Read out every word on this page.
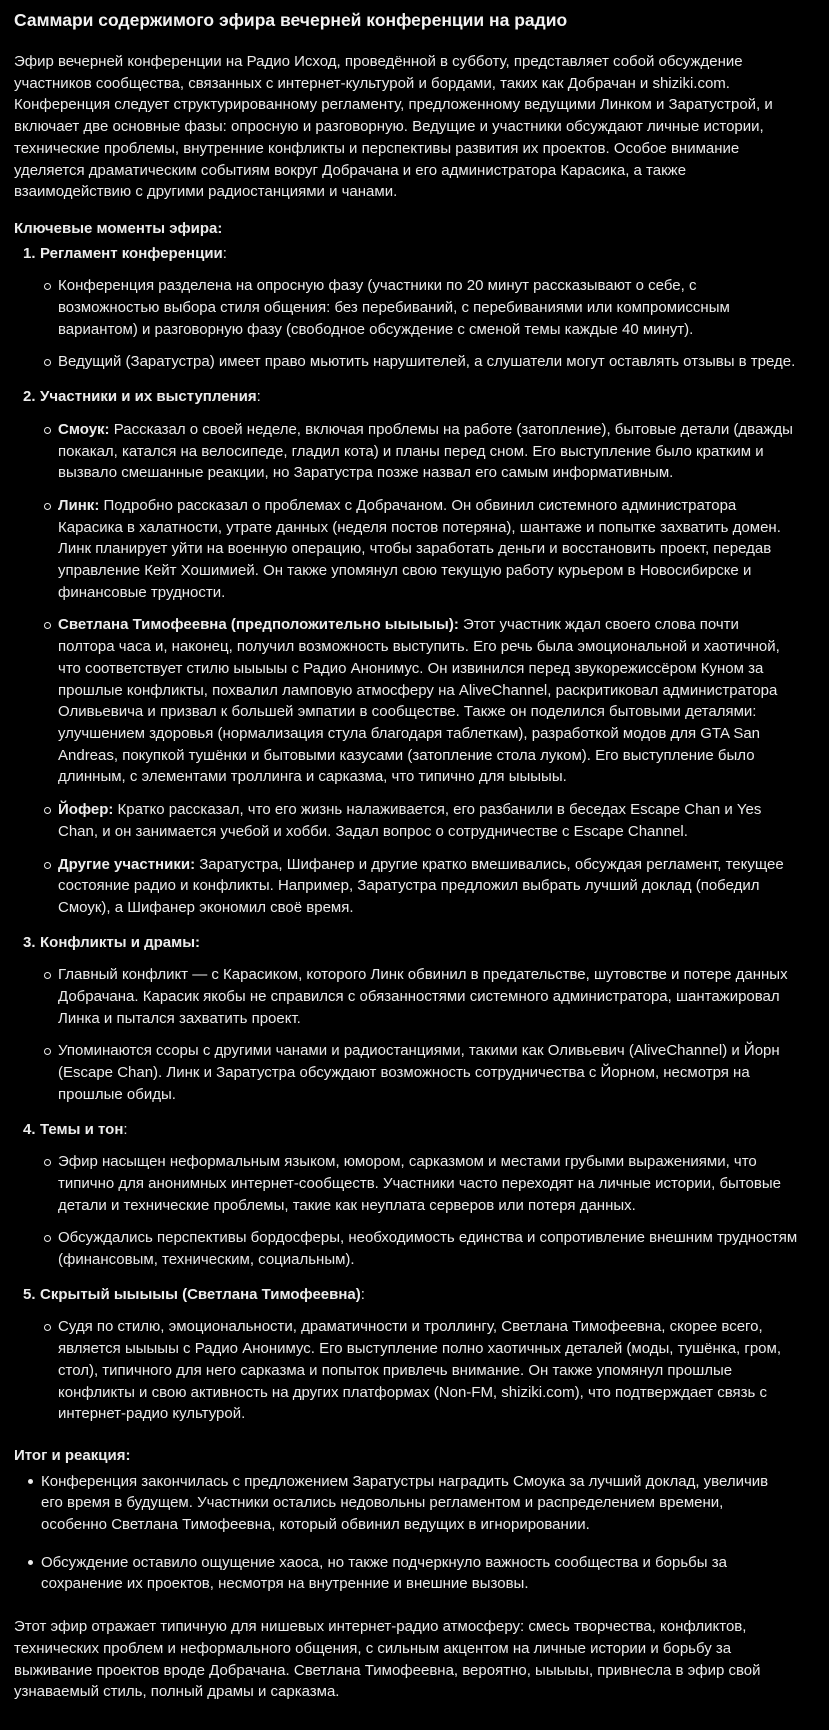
Саммари содержимого эфира вечерней конференции на радио

Эфир вечерней конференции на Радио Исход, проведённой в субботу, представляет собой обсуждение участников сообщества, связанных с интернет-культурой и бордами, таких как Добрачан и shiziki.com. Конференция следует структурированному регламенту, предложенному ведущими Линком и Заратустрой, и включает две основные фазы: опросную и разговорную. Ведущие и участники обсуждают личные истории, технические проблемы, внутренние конфликты и перспективы развития их проектов. Особое внимание уделяется драматическим событиям вокруг Добрачана и его администратора Карасика, а также взаимодействию с другими радиостанциями и чанами.

Ключевые моменты эфира:
1. Регламент конференции:
Конференция разделена на опросную фазу (участники по 20 минут рассказывают о себе, с возможностью выбора стиля общения: без перебиваний, с перебиваниями или компромиссным вариантом) и разговорную фазу (свободное обсуждение с сменой темы каждые 40 минут).
Ведущий (Заратустра) имеет право мьютить нарушителей, а слушатели могут оставлять отзывы в треде.
2. Участники и их выступления:
Смоук: Рассказал о своей неделе, включая проблемы на работе (затопление), бытовые детали (дважды покакал, катался на велосипеде, гладил кота) и планы перед сном. Его выступление было кратким и вызвало смешанные реакции, но Заратустра позже назвал его самым информативным.
Линк: Подробно рассказал о проблемах с Добрачаном. Он обвинил системного администратора Карасика в халатности, утрате данных (неделя постов потеряна), шантаже и попытке захватить домен. Линк планирует уйти на военную операцию, чтобы заработать деньги и восстановить проект, передав управление Кейт Хошимией. Он также упомянул свою текущую работу курьером в Новосибирске и финансовые трудности.
Светлана Тимофеевна (предположительно ыыыыы): Этот участник ждал своего слова почти полтора часа и, наконец, получил возможность выступить. Его речь была эмоциональной и хаотичной, что соответствует стилю ыыыыы с Радио Анонимус. Он извинился перед звукорежиссёром Куном за прошлые конфликты, похвалил ламповую атмосферу на AliveChannel, раскритиковал администратора Оливьевича и призвал к большей эмпатии в сообществе. Также он поделился бытовыми деталями: улучшением здоровья (нормализация стула благодаря таблеткам), разработкой модов для GTA San Andreas, покупкой тушёнки и бытовыми казусами (затопление стола луком). Его выступление было длинным, с элементами троллинга и сарказма, что типично для ыыыыы.
Йофер: Кратко рассказал, что его жизнь налаживается, его разбанили в беседах Escape Chan и Yes Chan, и он занимается учебой и хобби. Задал вопрос о сотрудничестве с Escape Channel.
Другие участники: Заратустра, Шифанер и другие кратко вмешивались, обсуждая регламент, текущее состояние радио и конфликты. Например, Заратустра предложил выбрать лучший доклад (победил Смоук), а Шифанер экономил своё время.
3. Конфликты и драмы:
Главный конфликт — с Карасиком, которого Линк обвинил в предательстве, шутовстве и потере данных Добрачана. Карасик якобы не справился с обязанностями системного администратора, шантажировал Линка и пытался захватить проект.
Упоминаются ссоры с другими чанами и радиостанциями, такими как Оливьевич (AliveChannel) и Йорн (Escape Chan). Линк и Заратустра обсуждают возможность сотрудничества с Йорном, несмотря на прошлые обиды.
4. Темы и тон:
Эфир насыщен неформальным языком, юмором, сарказмом и местами грубыми выражениями, что типично для анонимных интернет-сообществ. Участники часто переходят на личные истории, бытовые детали и технические проблемы, такие как неуплата серверов или потеря данных.
Обсуждались перспективы бордосферы, необходимость единства и сопротивление внешним трудностям (финансовым, техническим, социальным).
5. Скрытый ыыыыы (Светлана Тимофеевна):
Судя по стилю, эмоциональности, драматичности и троллингу, Светлана Тимофеевна, скорее всего, является ыыыыы с Радио Анонимус. Его выступление полно хаотичных деталей (моды, тушёнка, гром, стол), типичного для него сарказма и попыток привлечь внимание. Он также упомянул прошлые конфликты и свою активность на других платформах (Non-FM, shiziki.com), что подтверждает связь с интернет-радио культурой.
Итог и реакция:
Конференция закончилась с предложением Заратустры наградить Смоука за лучший доклад, увеличив его время в будущем. Участники остались недовольны регламентом и распределением времени, особенно Светлана Тимофеевна, который обвинил ведущих в игнорировании.
Обсуждение оставило ощущение хаоса, но также подчеркнуло важность сообщества и борьбы за сохранение их проектов, несмотря на внутренние и внешние вызовы.

Этот эфир отражает типичную для нишевых интернет-радио атмосферу: смесь творчества, конфликтов, технических проблем и неформального общения, с сильным акцентом на личные истории и борьбу за выживание проектов вроде Добрачана. Светлана Тимофеевна, вероятно, ыыыыы, привнесла в эфир свой узнаваемый стиль, полный драмы и сарказма.
